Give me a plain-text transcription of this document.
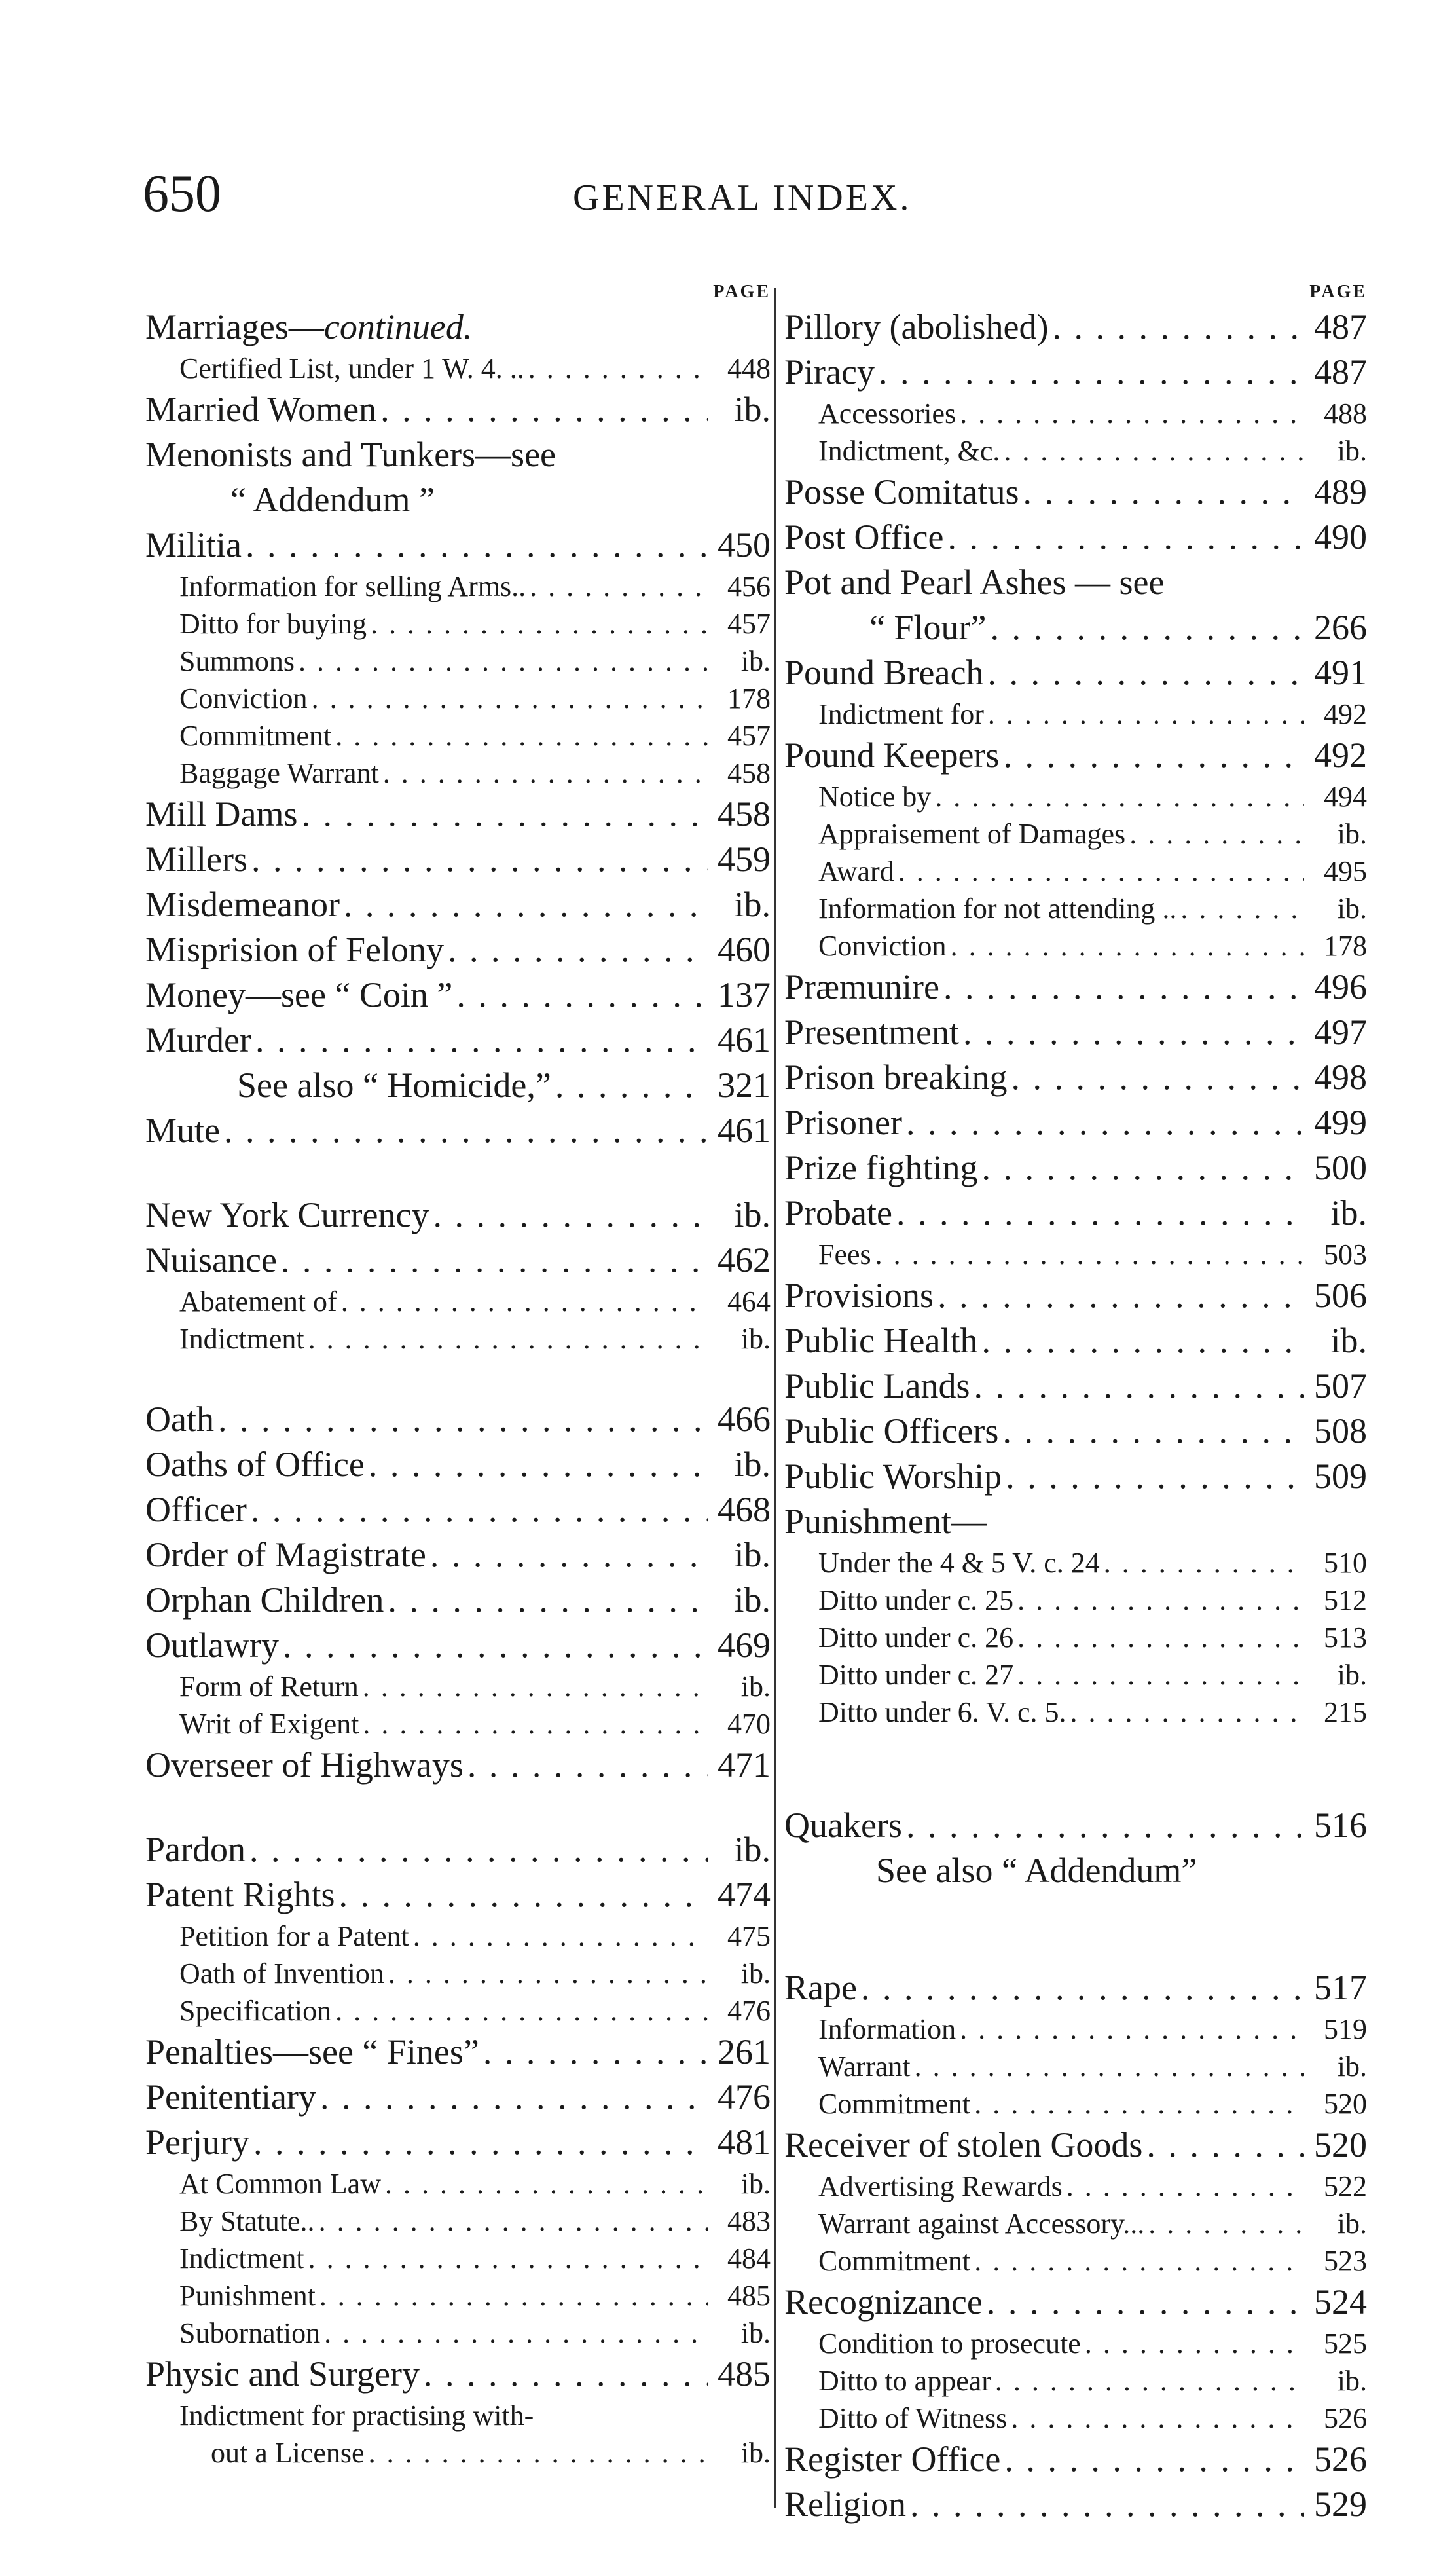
650	GENERAL INDEX.
PAGE
Marriages— continued.
Certified List, under 1 W. 4. .. . . .	448
Married Women . . .	ib.
Menonists and Tunkers—see
“ Addendum ”
Militia . . .	450
Information for selling Arms.. . . .	456
Ditto for buying . . .	457
Summons . . .	ib.
Conviction . . .	178
Commitment . . .	457
Baggage Warrant . . .	458
Mill Dams . . .	458
Millers . . .	459
Misdemeanor . . .	ib.
Misprision of Felony . . .	460
Money—see “ Coin ” . . .	137
Murder . . .	461
See also “ Homicide,” . . .	321
Mute . . .	461
New York Currency . . .	ib.
Nuisance . . .	462
Abatement of . . .	464
Indictment . . .	ib.
Oath . . .	466
Oaths of Office . . .	ib.
Officer . . .	468
Order of Magistrate . . .	ib.
Orphan Children . . .	ib.
Outlawry . . .	469
Form of Return . . .	ib.
Writ of Exigent . . .	470
Overseer of Highways . . .	471
Pardon . . .	ib.
Patent Rights . . .	474
Petition for a Patent . . .	475
Oath of Invention . . .	ib.
Specification . . .	476
Penalties—see “ Fines” . . .	261
Penitentiary . . .	476
Perjury . . .	481
At Common Law . . .	ib.
By Statute.. . . .	483
Indictment . . .	484
Punishment . . .	485
Subornation . . .	ib.
Physic and Surgery . . .	485
Indictment for practising with-
out a License . . .	ib.
PAGE
Pillory (abolished) . . .	487
Piracy . . .	487
Accessories . . .	488
Indictment, &c. . . .	ib.
Posse Comitatus . . .	489
Post Office . . .	490
Pot and Pearl Ashes — see
“ Flour” . . .	266
Pound Breach . . .	491
Indictment for . . .	492
Pound Keepers . . .	492
Notice by . . .	494
Appraisement of Damages . . .	ib.
Award . . .	495
Information for not attending .. . . .	ib.
Conviction . . .	178
Præmunire . . .	496
Presentment . . .	497
Prison breaking . . .	498
Prisoner . . .	499
Prize fighting . . .	500
Probate . . .	ib.
Fees . . .	503
Provisions . . .	506
Public Health . . .	ib.
Public Lands . . .	507
Public Officers . . .	508
Public Worship . . .	509
Punishment—
Under the 4 & 5 V. c. 24 . . .	510
Ditto under c. 25 . . .	512
Ditto under c. 26 . . .	513
Ditto under c. 27 . . .	ib.
Ditto under 6. V. c. 5. . . .	215
Quakers . . .	516
See also “ Addendum”
Rape . . .	517
Information . . .	519
Warrant . . .	ib.
Commitment . . .	520
Receiver of stolen Goods . . .	520
Advertising Rewards . . .	522
Warrant against Accessory... . . .	ib.
Commitment . . .	523
Recognizance . . .	524
Condition to prosecute . . .	525
Ditto to appear . . .	ib.
Ditto of Witness . . .	526
Register Office . . .	526
Religion . . .	529
